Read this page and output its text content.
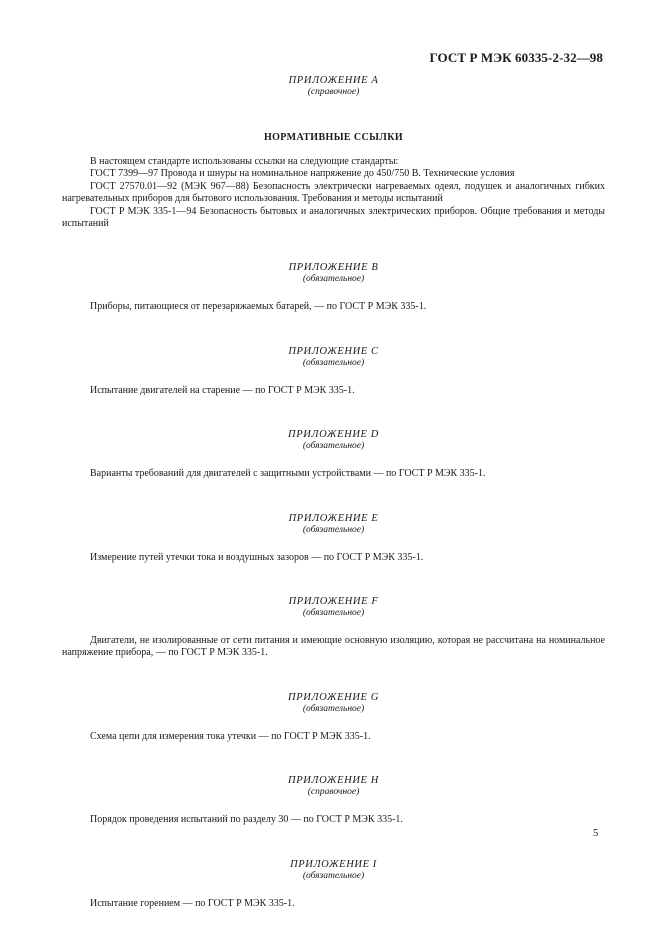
ГОСТ Р МЭК 60335-2-32—98
ПРИЛОЖЕНИЕ А
(справочное)
НОРМАТИВНЫЕ ССЫЛКИ

В настоящем стандарте использованы ссылки на следующие стандарты:

ГОСТ 7399—97 Провода и шнуры на номинальное напряжение до 450/750 В. Технические условия

ГОСТ 27570.01—92 (МЭК 967—88) Безопасность электрически нагреваемых одеял, подушек и аналогичных гибких нагревательных приборов для бытового использования. Требования и методы испытаний

ГОСТ Р МЭК 335-1—94 Безопасность бытовых и аналогичных электрических приборов. Общие требования и методы испытаний

ПРИЛОЖЕНИЕ В
(обязательное)

Приборы, питающиеся от перезаряжаемых батарей, — по ГОСТ Р МЭК 335-1.

ПРИЛОЖЕНИЕ С
(обязательное)

Испытание двигателей на старение — по ГОСТ Р МЭК 335-1.

ПРИЛОЖЕНИЕ D
(обязательное)

Варианты требований для двигателей с защитными устройствами — по ГОСТ Р МЭК 335-1.

ПРИЛОЖЕНИЕ Е
(обязательное)

Измерение путей утечки тока и воздушных зазоров — по ГОСТ Р МЭК 335-1.

ПРИЛОЖЕНИЕ F
(обязательное)

Двигатели, не изолированные от сети питания и имеющие основную изоляцию, которая не рассчитана на номинальное напряжение прибора, — по ГОСТ Р МЭК 335-1.

ПРИЛОЖЕНИЕ G
(обязательное)

Схема цепи для измерения тока утечки — по ГОСТ Р МЭК 335-1.

ПРИЛОЖЕНИЕ Н
(справочное)

Порядок проведения испытаний по разделу 30 — по ГОСТ Р МЭК 335-1.

ПРИЛОЖЕНИЕ I
(обязательное)

Испытание горением — по ГОСТ Р МЭК 335-1.

5
